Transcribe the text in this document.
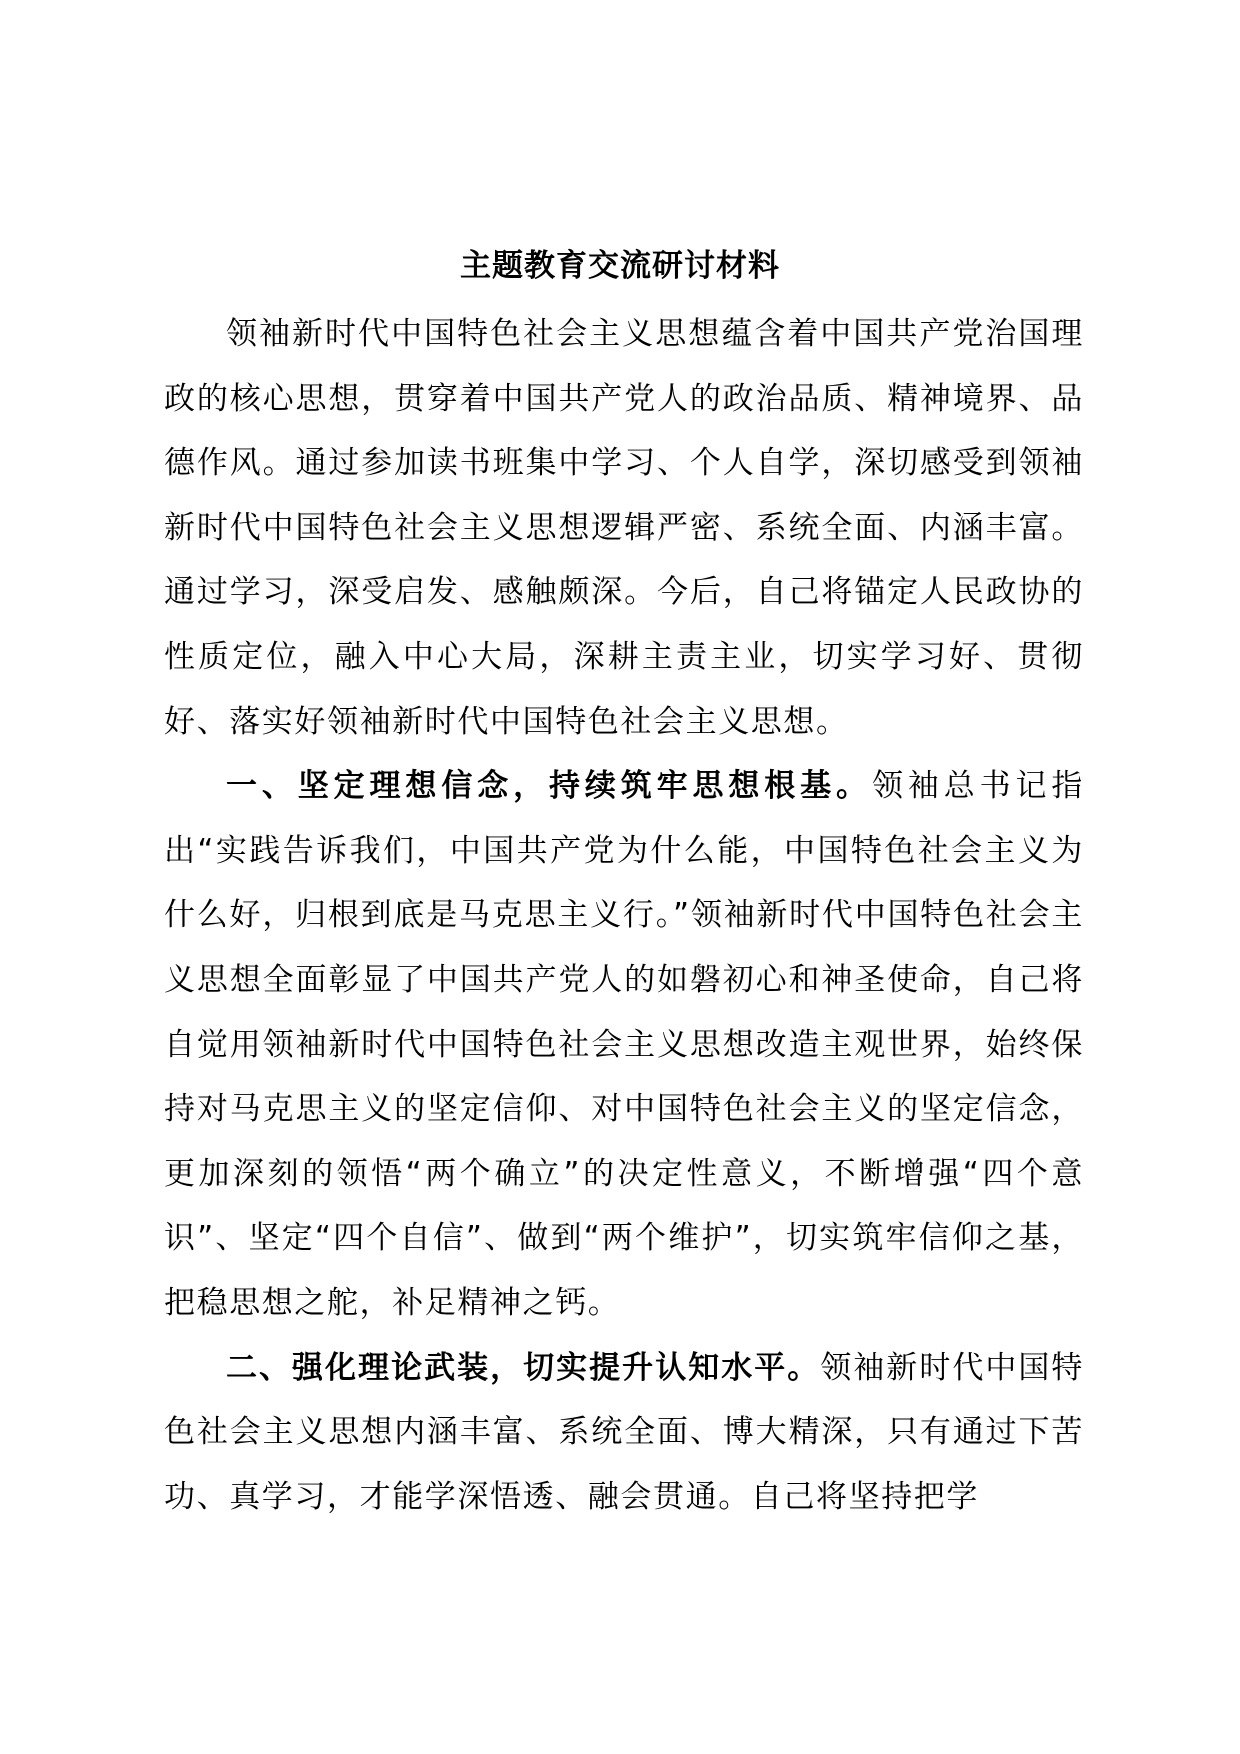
主题教育交流研讨材料

领袖新时代中国特色社会主义思想蕴含着中国共产党治国理政的核心思想，贯穿着中国共产党人的政治品质、精神境界、品德作风。通过参加读书班集中学习、个人自学，深切感受到领袖新时代中国特色社会主义思想逻辑严密、系统全面、内涵丰富。通过学习，深受启发、感触颇深。今后，自己将锚定人民政协的性质定位，融入中心大局，深耕主责主业，切实学习好、贯彻好、落实好领袖新时代中国特色社会主义思想。

一、坚定理想信念，持续筑牢思想根基。领袖总书记指出“实践告诉我们，中国共产党为什么能，中国特色社会主义为什么好，归根到底是马克思主义行。”领袖新时代中国特色社会主义思想全面彰显了中国共产党人的如磐初心和神圣使命，自己将自觉用领袖新时代中国特色社会主义思想改造主观世界，始终保持对马克思主义的坚定信仰、对中国特色社会主义的坚定信念，更加深刻的领悟“两个确立”的决定性意义，不断增强“四个意识”、坚定“四个自信”、做到“两个维护”，切实筑牢信仰之基，把稳思想之舵，补足精神之钙。

二、强化理论武装，切实提升认知水平。领袖新时代中国特色社会主义思想内涵丰富、系统全面、博大精深，只有通过下苦功、真学习，才能学深悟透、融会贯通。自己将坚持把学
